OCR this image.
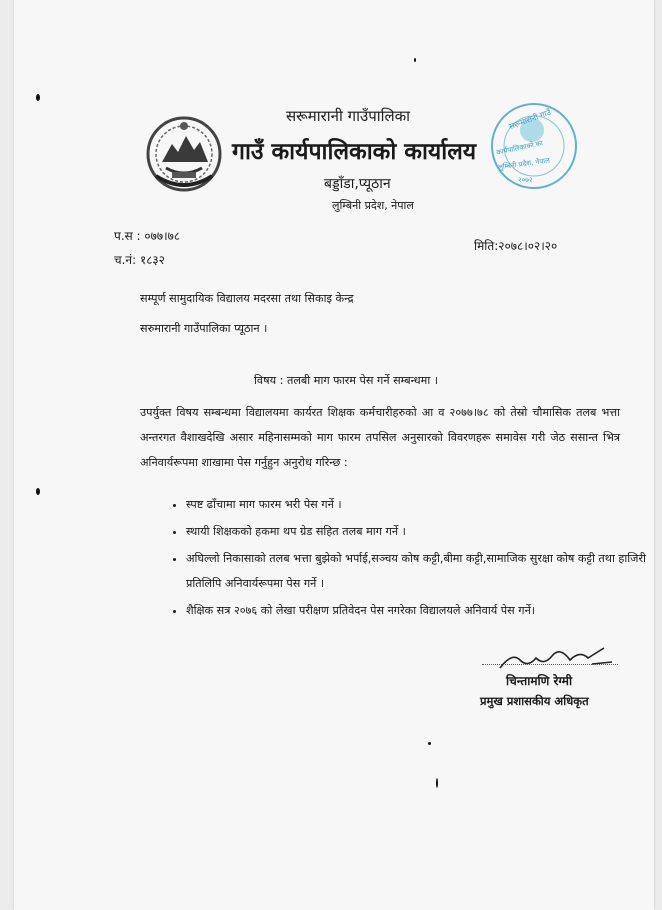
सरूमारानी गाउँपालिका
गाउँ कार्यपालिकाको कार्यालय
बड्डाँडा,प्यूठान
लुम्बिनी प्रदेश, नेपाल
सरूमारानी गाउँ
कार्यपालिकाको का
लुम्बिनी प्रदेश, नेपाल
२०७२
प.स : ०७७।७८
च.नं: १८३२
मिति:२०७८।०२।२०
सम्पूर्ण सामुदायिक विद्यालय मदरसा तथा सिकाइ केन्द्र
सरुमारानी गाउँपालिका प्यूठान ।
विषय : तलबी माग फारम पेस गर्ने सम्बन्धमा ।
उपर्युक्त विषय सम्बन्धमा विद्यालयमा कार्यरत शिक्षक कर्मचारीहरुको आ व २०७७।७८ को तेस्रो चौमासिक तलब भत्ता अन्तरगत वैशाखदेखि असार महिनासम्मको माग फारम तपसिल अनुसारको विवरणहरू समावेस गरी जेठ ससान्त भित्र अनिवार्यरूपमा शाखामा पेस गर्नुहुन अनुरोध गरिन्छ :
• स्पष्ट ढाँचामा माग फारम भरी पेस गर्ने ।
• स्थायी शिक्षकको हकमा थप ग्रेड सहित तलब माग गर्ने ।
• अघिल्लो निकासाको तलब भत्ता बुझेको भर्पाई,सञ्चय कोष कट्टी,बीमा कट्टी,सामाजिक सुरक्षा कोष कट्टी तथा हाजिरी प्रतिलिपि अनिवार्यरूपमा पेस गर्ने ।
• शैक्षिक सत्र २०७६ को लेखा परीक्षण प्रतिवेदन पेस नगरेका विद्यालयले अनिवार्य पेस गर्ने।
चिन्तामणि रेग्मी
प्रमुख प्रशासकीय अधिकृत
